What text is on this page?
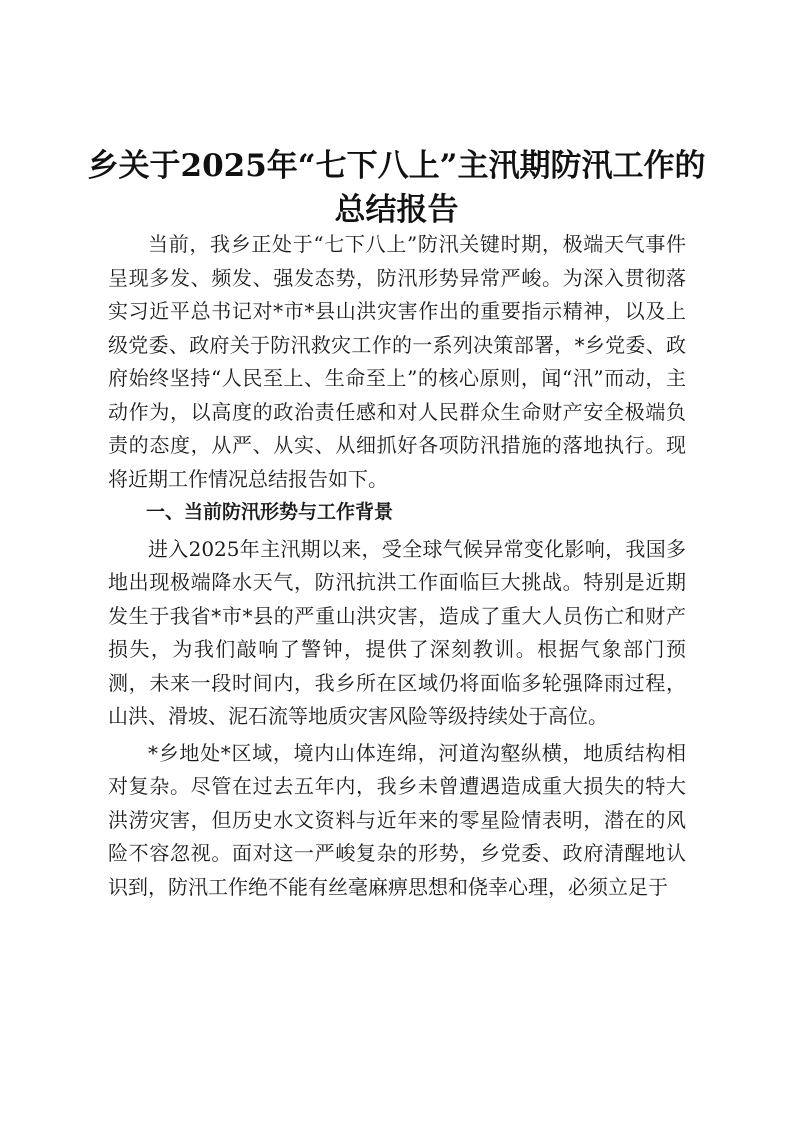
乡关于2025年“七下八上”主汛期防汛工作的
总结报告

当前，我乡正处于“七下八上”防汛关键时期，极端天气事件呈现多发、频发、强发态势，防汛形势异常严峻。为深入贯彻落实习近平总书记对*市*县山洪灾害作出的重要指示精神，以及上级党委、政府关于防汛救灾工作的一系列决策部署，*乡党委、政府始终坚持“人民至上、生命至上”的核心原则，闻“汛”而动，主动作为，以高度的政治责任感和对人民群众生命财产安全极端负责的态度，从严、从实、从细抓好各项防汛措施的落地执行。现将近期工作情况总结报告如下。

一、当前防汛形势与工作背景

进入2025年主汛期以来，受全球气候异常变化影响，我国多地出现极端降水天气，防汛抗洪工作面临巨大挑战。特别是近期发生于我省*市*县的严重山洪灾害，造成了重大人员伤亡和财产损失，为我们敲响了警钟，提供了深刻教训。根据气象部门预测，未来一段时间内，我乡所在区域仍将面临多轮强降雨过程，山洪、滑坡、泥石流等地质灾害风险等级持续处于高位。

*乡地处*区域，境内山体连绵，河道沟壑纵横，地质结构相对复杂。尽管在过去五年内，我乡未曾遭遇造成重大损失的特大洪涝灾害，但历史水文资料与近年来的零星险情表明，潜在的风险不容忽视。面对这一严峻复杂的形势，乡党委、政府清醒地认识到，防汛工作绝不能有丝毫麻痹思想和侥幸心理，必须立足于
